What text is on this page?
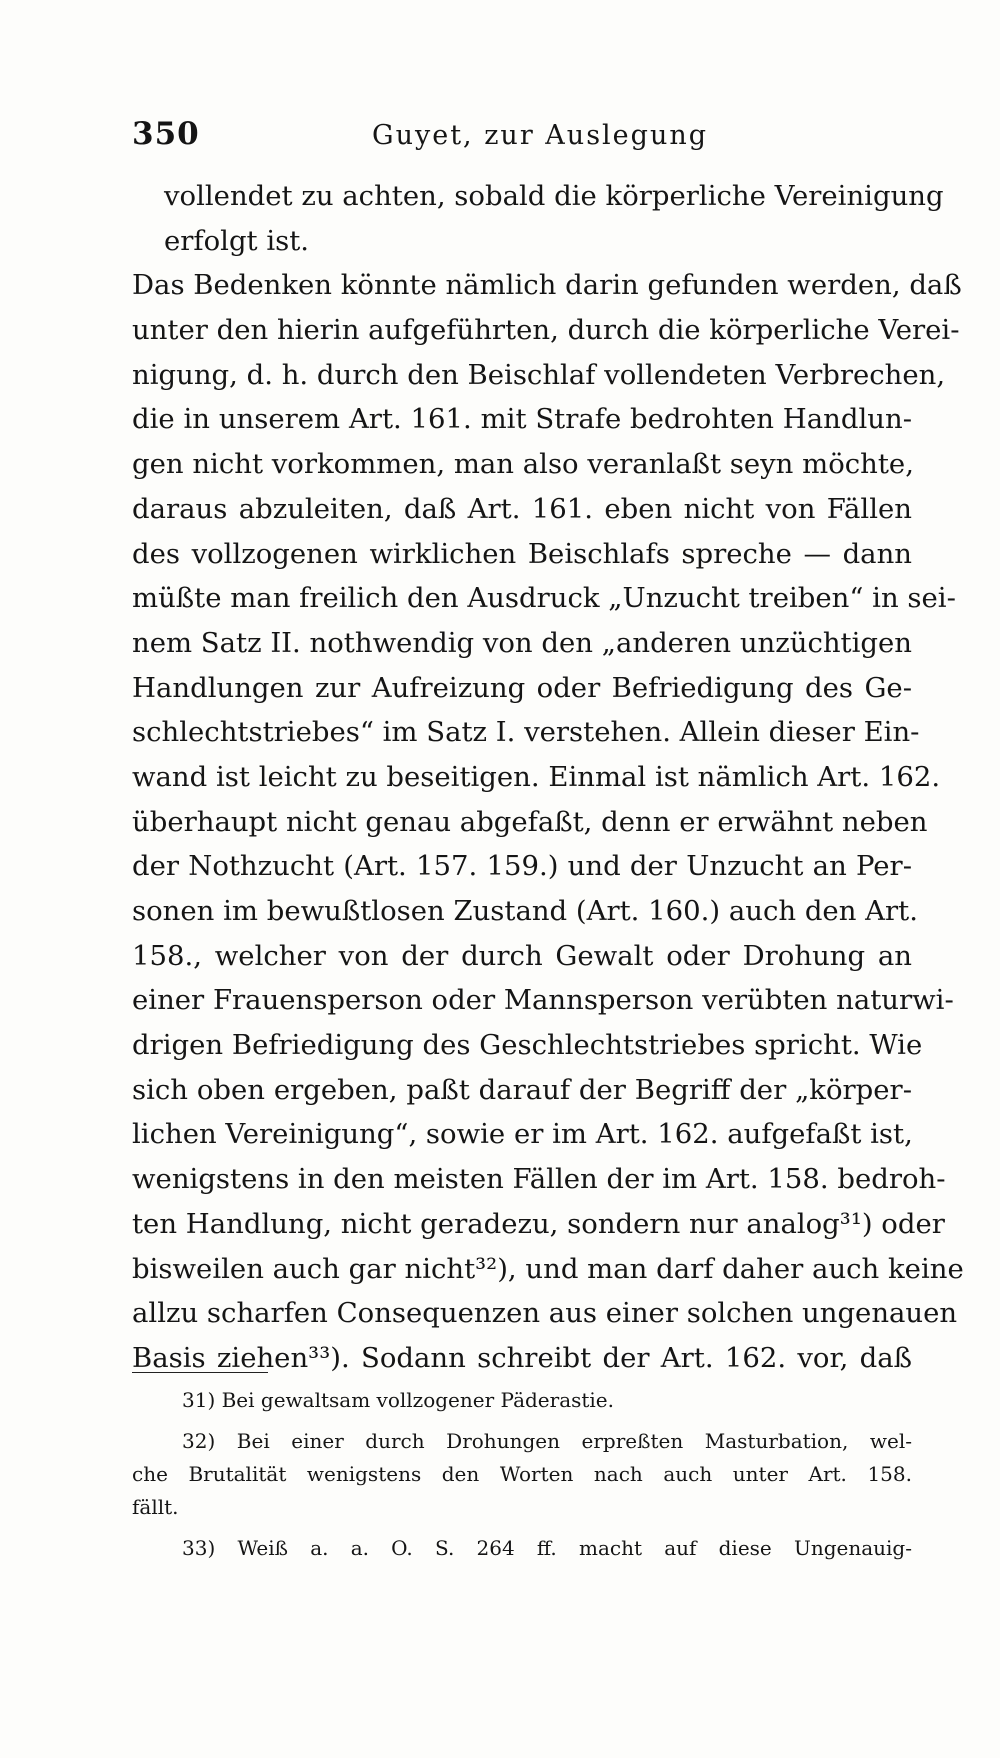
350	Guyet, zur Auslegung
vollendet zu achten, sobald die körperliche Vereinigung
erfolgt ist.
Das Bedenken könnte nämlich darin gefunden werden, daß
unter den hierin aufgeführten, durch die körperliche Verei-
nigung, d. h. durch den Beischlaf vollendeten Verbrechen,
die in unserem Art. 161. mit Strafe bedrohten Handlun-
gen nicht vorkommen, man also veranlaßt seyn möchte,
daraus abzuleiten, daß Art. 161. eben nicht von Fällen
des vollzogenen wirklichen Beischlafs spreche — dann
müßte man freilich den Ausdruck „Unzucht treiben“ in sei-
nem Satz II. nothwendig von den „anderen unzüchtigen
Handlungen zur Aufreizung oder Befriedigung des Ge-
schlechtstriebes“ im Satz I. verstehen. Allein dieser Ein-
wand ist leicht zu beseitigen. Einmal ist nämlich Art. 162.
überhaupt nicht genau abgefaßt, denn er erwähnt neben
der Nothzucht (Art. 157. 159.) und der Unzucht an Per-
sonen im bewußtlosen Zustand (Art. 160.) auch den Art.
158., welcher von der durch Gewalt oder Drohung an
einer Frauensperson oder Mannsperson verübten naturwi-
drigen Befriedigung des Geschlechtstriebes spricht. Wie
sich oben ergeben, paßt darauf der Begriff der „körper-
lichen Vereinigung“, sowie er im Art. 162. aufgefaßt ist,
wenigstens in den meisten Fällen der im Art. 158. bedroh-
ten Handlung, nicht geradezu, sondern nur analog³¹) oder
bisweilen auch gar nicht³²), und man darf daher auch keine
allzu scharfen Consequenzen aus einer solchen ungenauen
Basis ziehen³³). Sodann schreibt der Art. 162. vor, daß
31) Bei gewaltsam vollzogener Päderastie.
32) Bei einer durch Drohungen erpreßten Masturbation, wel-
che Brutalität wenigstens den Worten nach auch unter Art. 158.
fällt.
33) Weiß a. a. O. S. 264 ff. macht auf diese Ungenauig-
